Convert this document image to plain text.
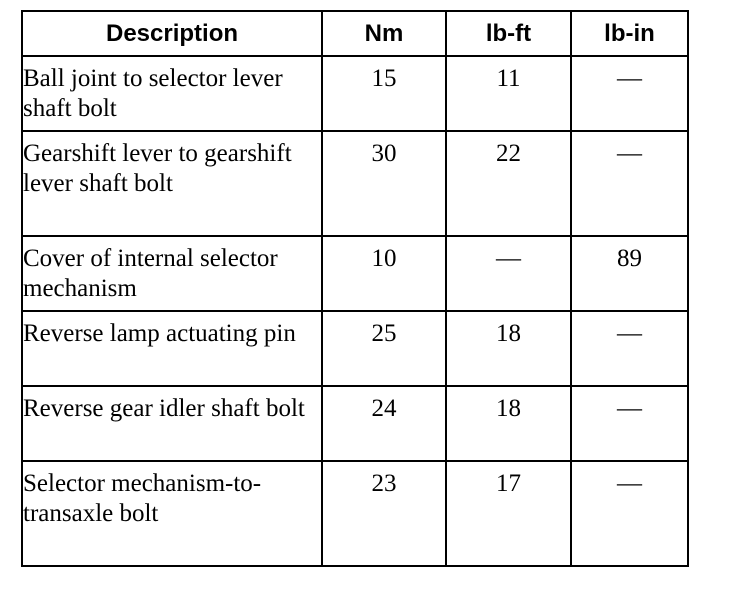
Description	Nm	lb-ft	lb-in
Ball joint to selector lever shaft bolt	15	11	—
Gearshift lever to gearshift lever shaft bolt	30	22	—
Cover of internal selector mechanism	10	—	89
Reverse lamp actuating pin	25	18	—
Reverse gear idler shaft bolt	24	18	—
Selector mechanism-to-transaxle bolt	23	17	—
